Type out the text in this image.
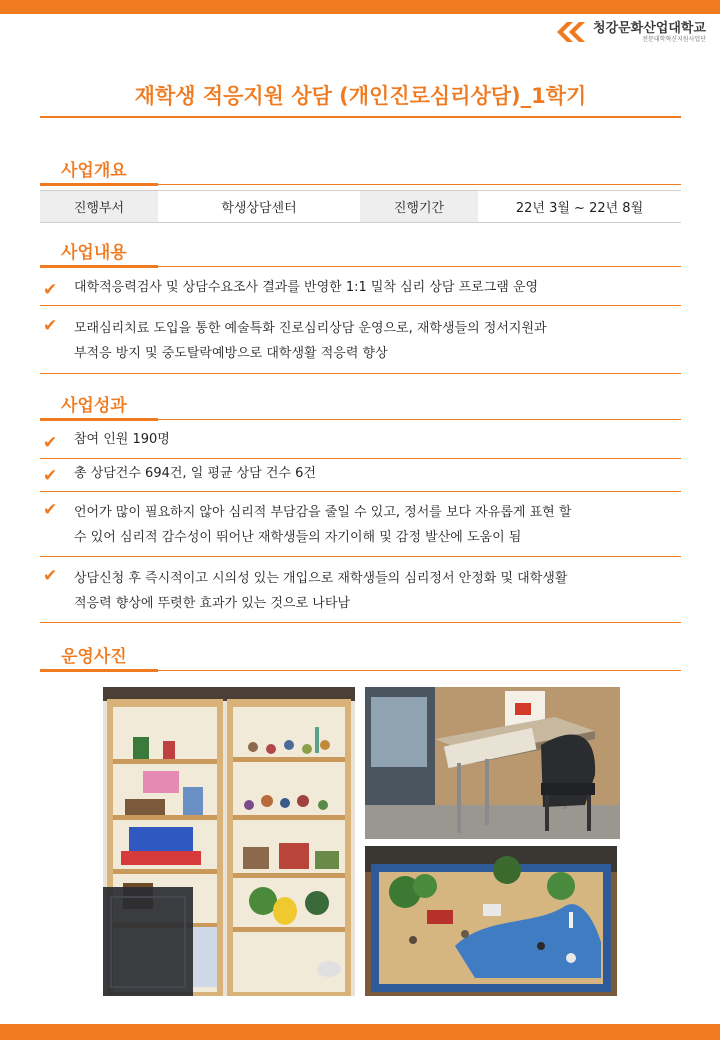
청강문화산업대학교
전문대학혁신지원사업단
재학생 적응지원 상담 (개인진로심리상담)_1학기
사업개요
진행부서	학생상담센터	진행기간	22년 3월 ~ 22년 8월
사업내용
✔ 대학적응력검사 및 상담수요조사 결과를 반영한 1:1 밀착 심리 상담 프로그램 운영
✔ 모래심리치료 도입을 통한 예술특화 진로심리상담 운영으로, 재학생들의 정서지원과
부적응 방지 및 중도탈락예방으로 대학생활 적응력 향상
사업성과
✔ 참여 인원 190명
✔ 총 상담건수 694건, 일 평균 상담 건수 6건
✔ 언어가 많이 필요하지 않아 심리적 부담감을 줄일 수 있고, 정서를 보다 자유롭게 표현 할
수 있어 심리적 감수성이 뛰어난 재학생들의 자기이해 및 감정 발산에 도움이 됨
✔ 상담신청 후 즉시적이고 시의성 있는 개입으로 재학생들의 심리정서 안정화 및 대학생활
적응력 향상에 뚜렷한 효과가 있는 것으로 나타남
운영사진
